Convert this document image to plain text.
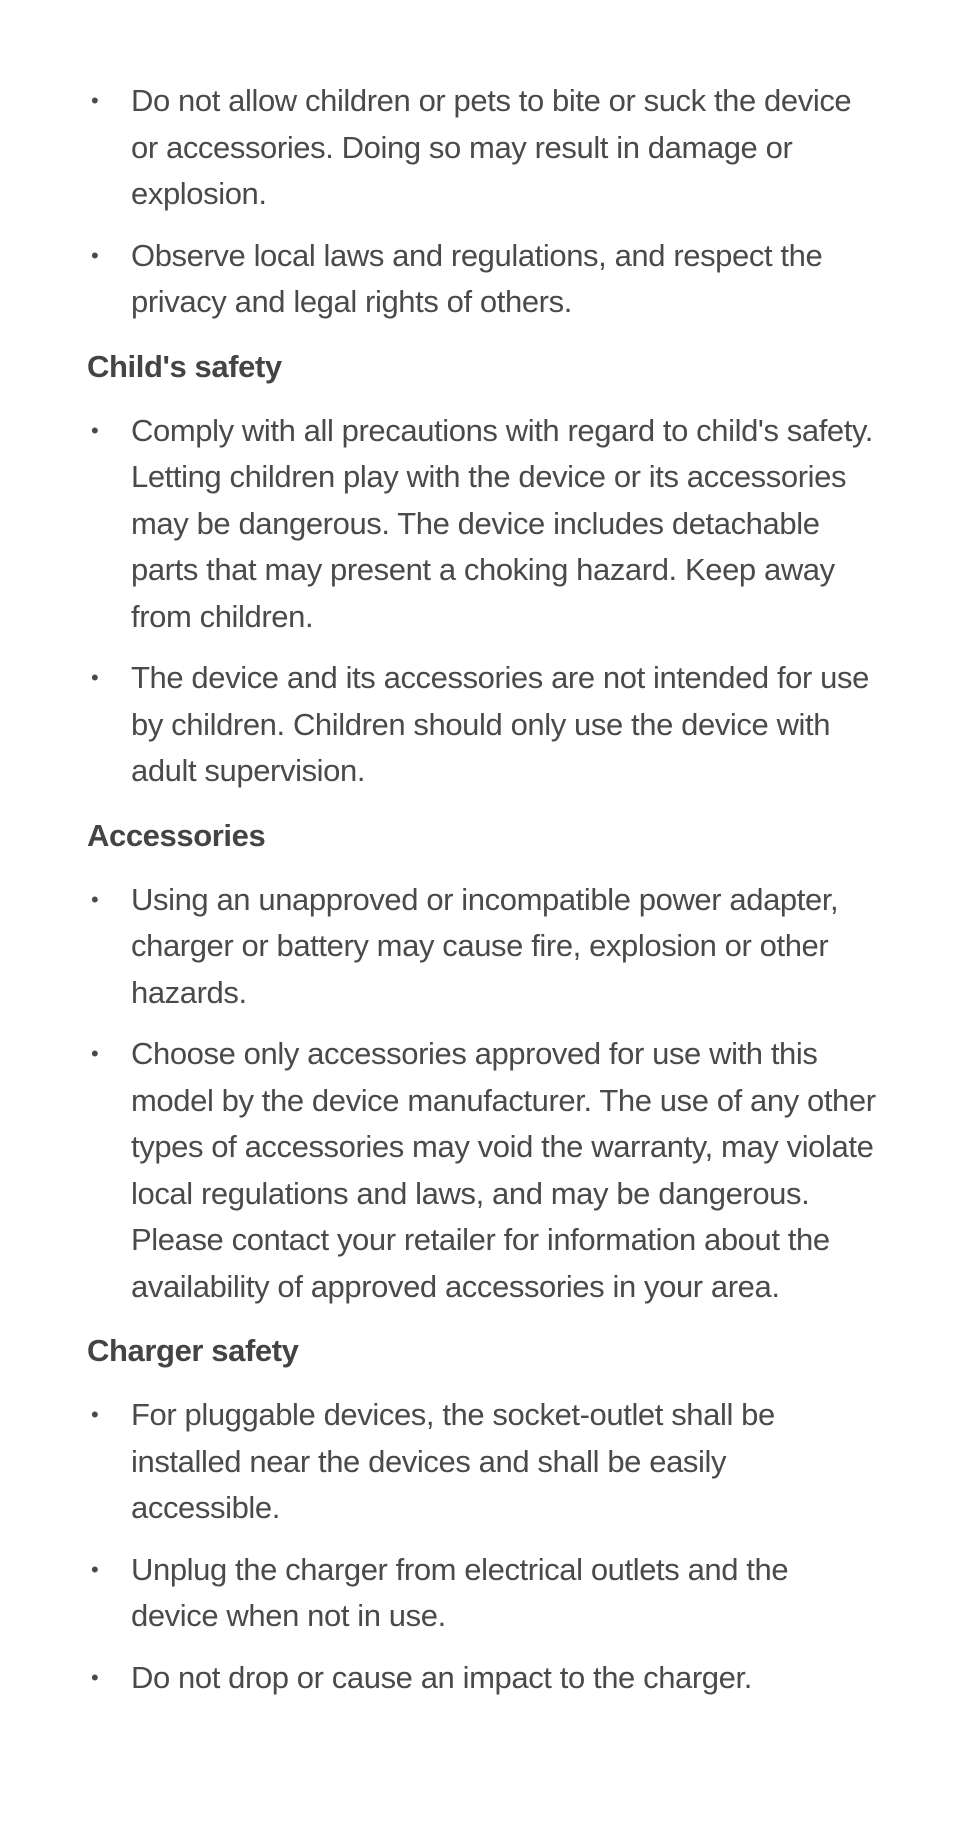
• Do not allow children or pets to bite or suck the device or accessories. Doing so may result in damage or explosion.
• Observe local laws and regulations, and respect the privacy and legal rights of others.
Child's safety
• Comply with all precautions with regard to child's safety. Letting children play with the device or its accessories may be dangerous. The device includes detachable parts that may present a choking hazard. Keep away from children.
• The device and its accessories are not intended for use by children. Children should only use the device with adult supervision.
Accessories
• Using an unapproved or incompatible power adapter, charger or battery may cause fire, explosion or other hazards.
• Choose only accessories approved for use with this model by the device manufacturer. The use of any other types of accessories may void the warranty, may violate local regulations and laws, and may be dangerous. Please contact your retailer for information about the availability of approved accessories in your area.
Charger safety
• For pluggable devices, the socket-outlet shall be installed near the devices and shall be easily accessible.
• Unplug the charger from electrical outlets and the device when not in use.
• Do not drop or cause an impact to the charger.
